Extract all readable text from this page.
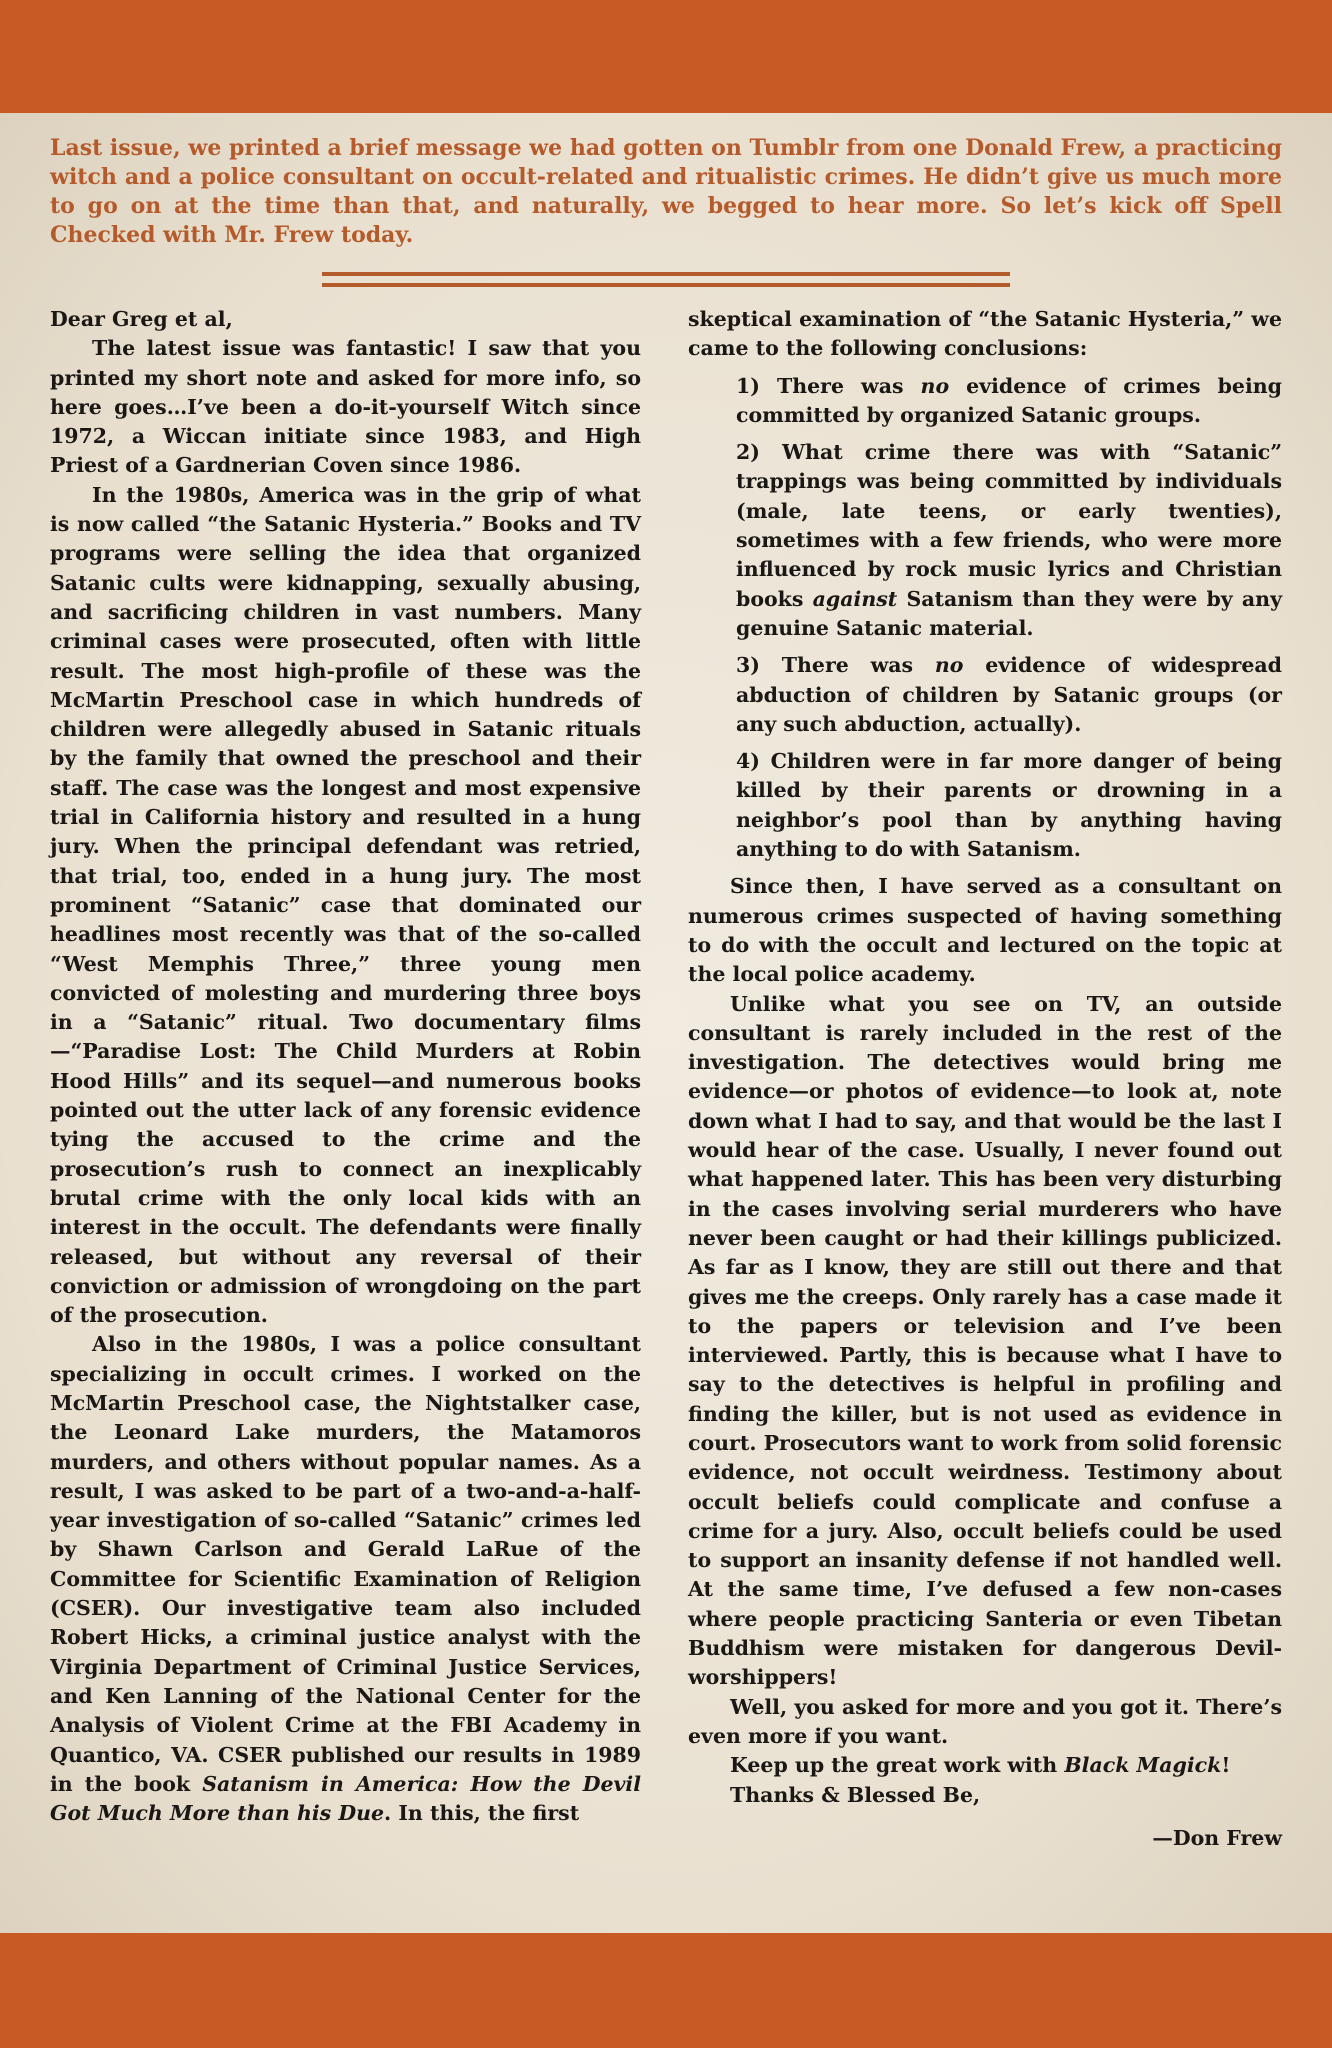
Last issue, we printed a brief message we had gotten on Tumblr from one Donald Frew, a practicing witch and a police consultant on occult-related and ritualistic crimes. He didn’t give us much more to go on at the time than that, and naturally, we begged to hear more. So let’s kick off Spell Checked with Mr. Frew today.

Dear Greg et al,

The latest issue was fantastic! I saw that you printed my short note and asked for more info, so here goes…I’ve been a do-it-yourself Witch since 1972, a Wiccan initiate since 1983, and High Priest of a Gardnerian Coven since 1986.

In the 1980s, America was in the grip of what is now called “the Satanic Hysteria.” Books and TV programs were selling the idea that organized Satanic cults were kidnapping, sexually abusing, and sacrificing children in vast numbers. Many criminal cases were prosecuted, often with little result. The most high-profile of these was the McMartin Preschool case in which hundreds of children were allegedly abused in Satanic rituals by the family that owned the preschool and their staff. The case was the longest and most expensive trial in California history and resulted in a hung jury. When the principal defendant was retried, that trial, too, ended in a hung jury. The most prominent “Satanic” case that dominated our headlines most recently was that of the so-called “West Memphis Three,” three young men convicted of molesting and murdering three boys in a “Satanic” ritual. Two documentary films—“Paradise Lost: The Child Murders at Robin Hood Hills” and its sequel—and numerous books pointed out the utter lack of any forensic evidence tying the accused to the crime and the prosecution’s rush to connect an inexplicably brutal crime with the only local kids with an interest in the occult. The defendants were finally released, but without any reversal of their conviction or admission of wrongdoing on the part of the prosecution.

Also in the 1980s, I was a police consultant specializing in occult crimes. I worked on the McMartin Preschool case, the Nightstalker case, the Leonard Lake murders, the Matamoros murders, and others without popular names. As a result, I was asked to be part of a two-and-a-half-year investigation of so-called “Satanic” crimes led by Shawn Carlson and Gerald LaRue of the Committee for Scientific Examination of Religion (CSER). Our investigative team also included Robert Hicks, a criminal justice analyst with the Virginia Department of Criminal Justice Services, and Ken Lanning of the National Center for the Analysis of Violent Crime at the FBI Academy in Quantico, VA. CSER published our results in 1989 in the book Satanism in America: How the Devil Got Much More than his Due. In this, the first

skeptical examination of “the Satanic Hysteria,” we came to the following conclusions:

1) There was no evidence of crimes being committed by organized Satanic groups.

2) What crime there was with “Satanic” trappings was being committed by individuals (male, late teens, or early twenties), sometimes with a few friends, who were more influenced by rock music lyrics and Christian books against Satanism than they were by any genuine Satanic material.

3) There was no evidence of widespread abduction of children by Satanic groups (or any such abduction, actually).

4) Children were in far more danger of being killed by their parents or drowning in a neighbor’s pool than by anything having anything to do with Satanism.

Since then, I have served as a consultant on numerous crimes suspected of having something to do with the occult and lectured on the topic at the local police academy.

Unlike what you see on TV, an outside consultant is rarely included in the rest of the investigation. The detectives would bring me evidence—or photos of evidence—to look at, note down what I had to say, and that would be the last I would hear of the case. Usually, I never found out what happened later. This has been very disturbing in the cases involving serial murderers who have never been caught or had their killings publicized. As far as I know, they are still out there and that gives me the creeps. Only rarely has a case made it to the papers or television and I’ve been interviewed. Partly, this is because what I have to say to the detectives is helpful in profiling and finding the killer, but is not used as evidence in court. Prosecutors want to work from solid forensic evidence, not occult weirdness. Testimony about occult beliefs could complicate and confuse a crime for a jury. Also, occult beliefs could be used to support an insanity defense if not handled well. At the same time, I’ve defused a few non-cases where people practicing Santeria or even Tibetan Buddhism were mistaken for dangerous Devil-worshippers!

Well, you asked for more and you got it. There’s even more if you want.

Keep up the great work with Black Magick!

Thanks & Blessed Be,

—Don Frew
